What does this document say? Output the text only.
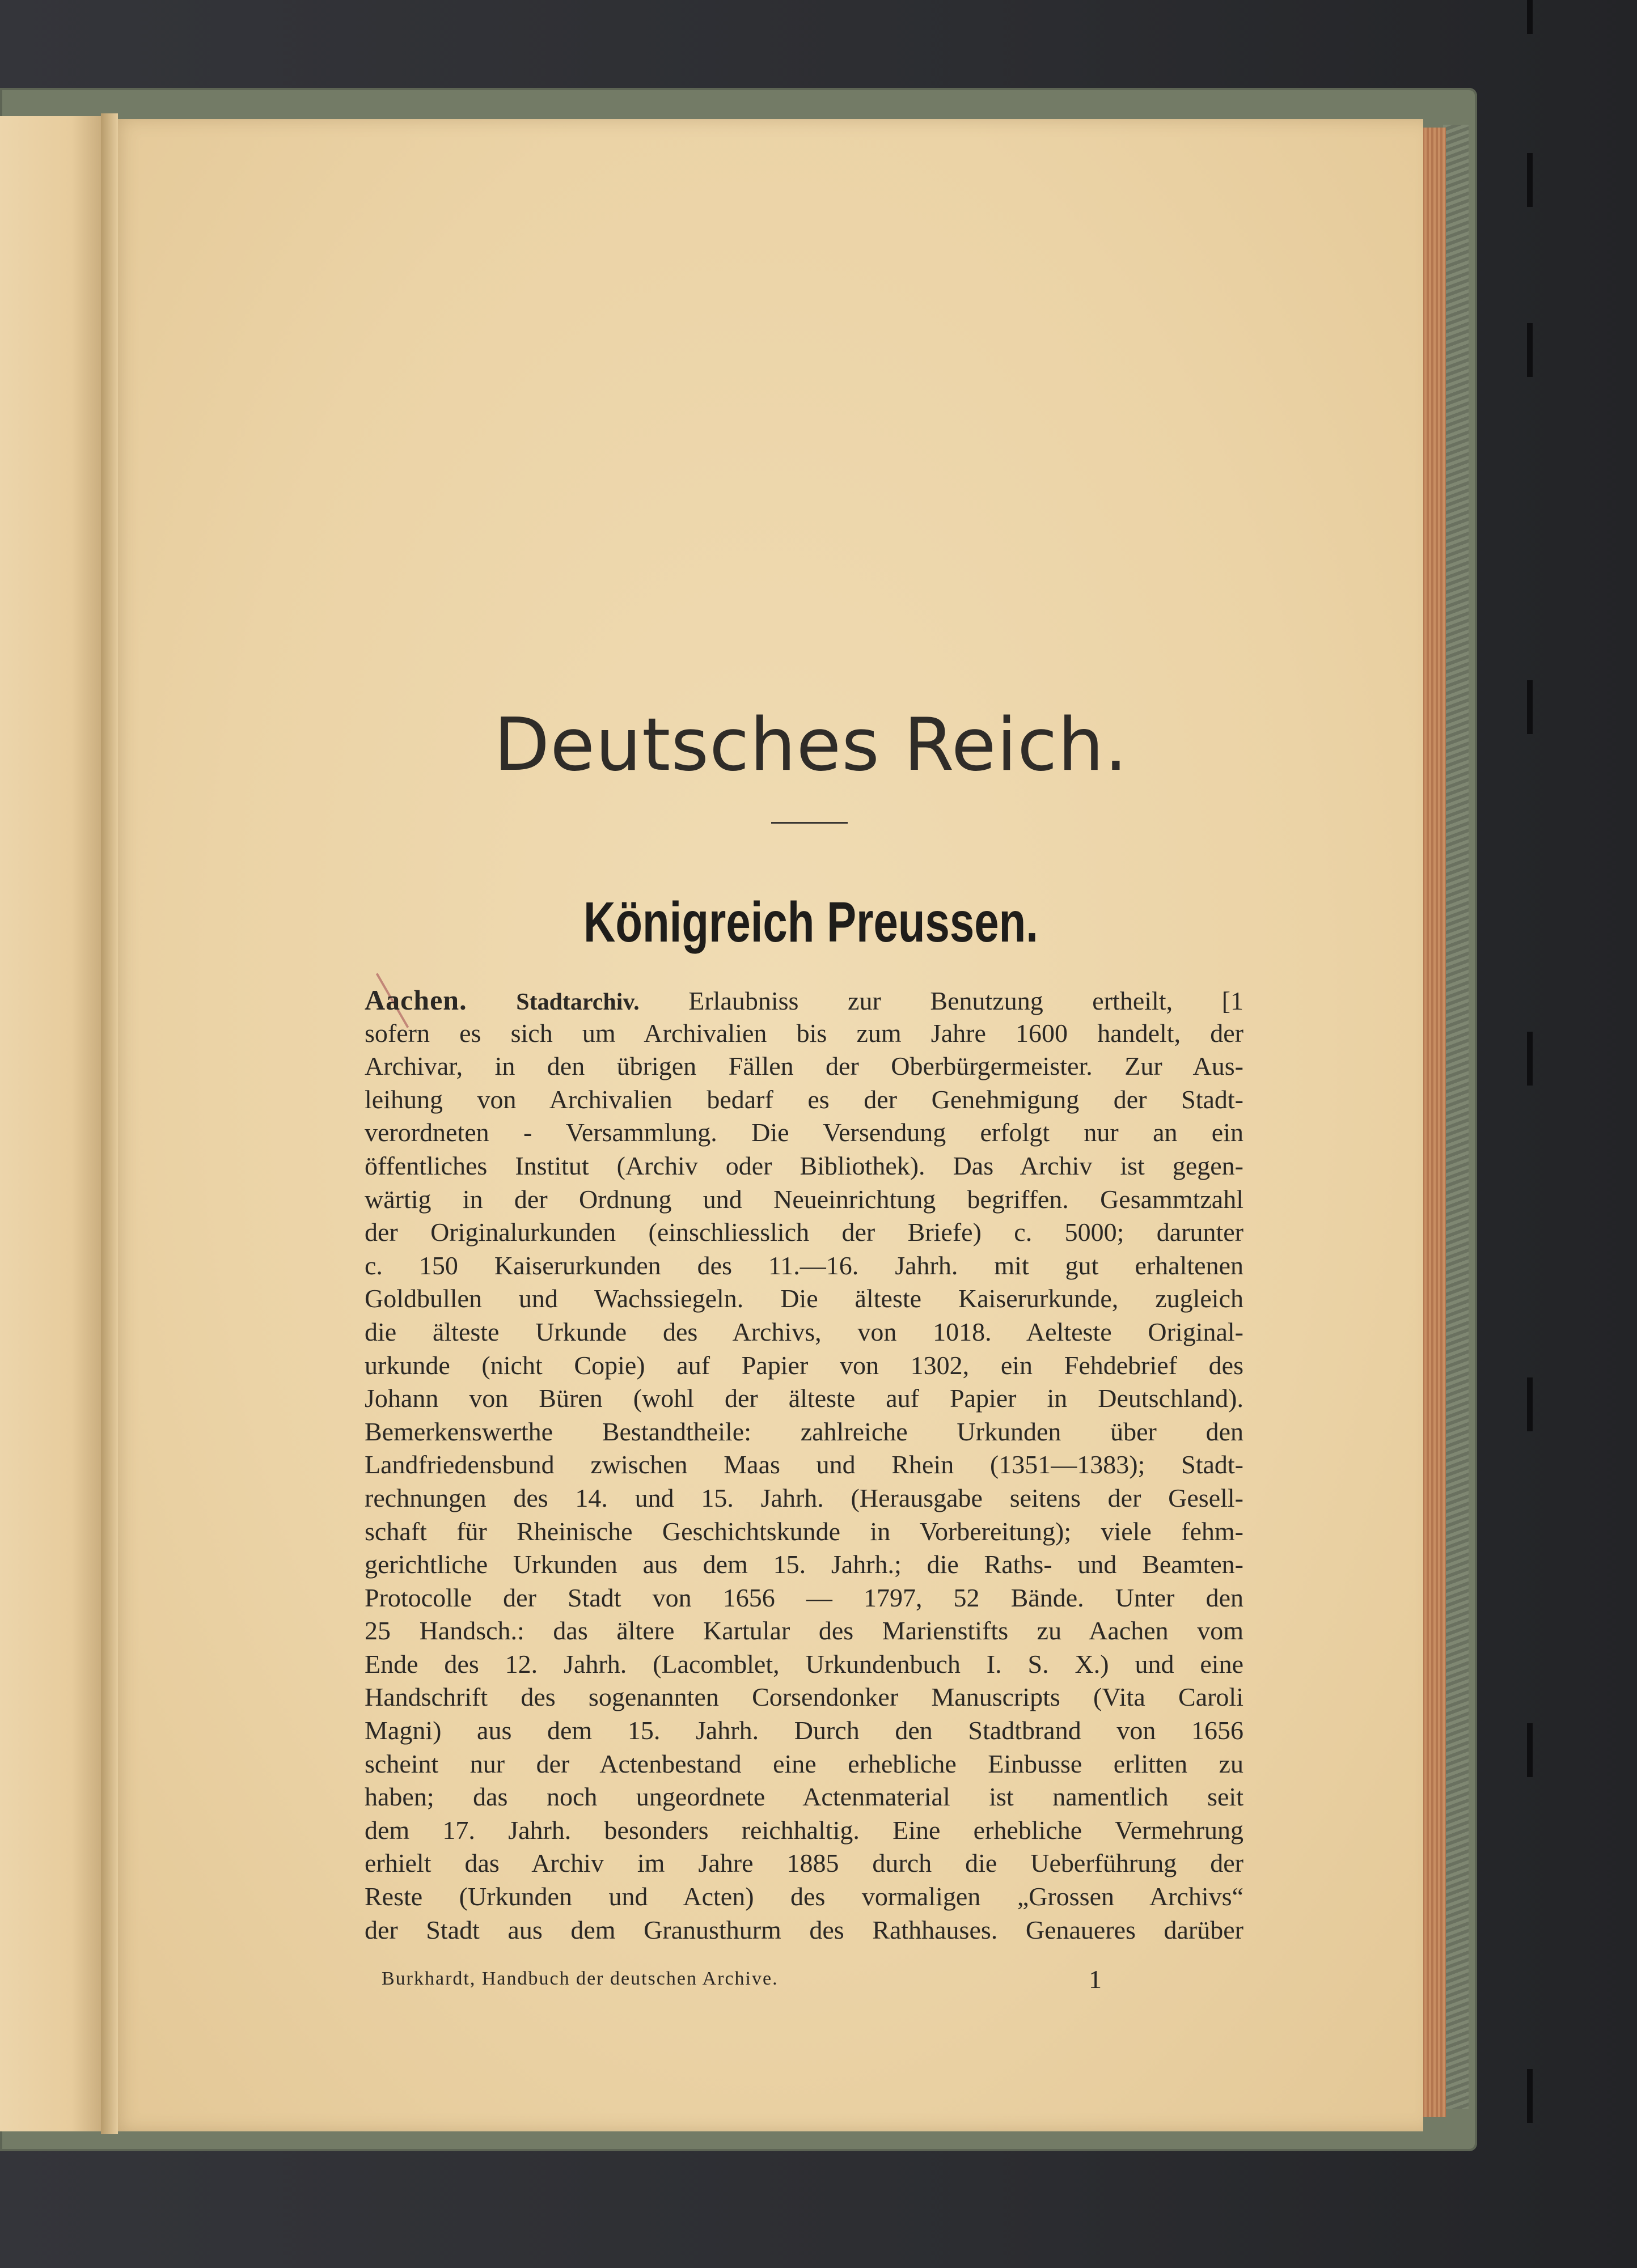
Deutsches Reich.
Königreich Preussen.
Aachen. Stadtarchiv. Erlaubniss zur Benutzung ertheilt, [1
sofern es sich um Archivalien bis zum Jahre 1600 handelt, der
Archivar, in den übrigen Fällen der Oberbürgermeister. Zur Aus-
leihung von Archivalien bedarf es der Genehmigung der Stadt-
verordneten - Versammlung. Die Versendung erfolgt nur an ein
öffentliches Institut (Archiv oder Bibliothek). Das Archiv ist gegen-
wärtig in der Ordnung und Neueinrichtung begriffen. Gesammtzahl
der Originalurkunden (einschliesslich der Briefe) c. 5000; darunter
c. 150 Kaiserurkunden des 11.—16. Jahrh. mit gut erhaltenen
Goldbullen und Wachssiegeln. Die älteste Kaiserurkunde, zugleich
die älteste Urkunde des Archivs, von 1018. Aelteste Original-
urkunde (nicht Copie) auf Papier von 1302, ein Fehdebrief des
Johann von Büren (wohl der älteste auf Papier in Deutschland).
Bemerkenswerthe Bestandtheile: zahlreiche Urkunden über den
Landfriedensbund zwischen Maas und Rhein (1351—1383); Stadt-
rechnungen des 14. und 15. Jahrh. (Herausgabe seitens der Gesell-
schaft für Rheinische Geschichtskunde in Vorbereitung); viele fehm-
gerichtliche Urkunden aus dem 15. Jahrh.; die Raths- und Beamten-
Protocolle der Stadt von 1656 — 1797, 52 Bände. Unter den
25 Handsch.: das ältere Kartular des Marienstifts zu Aachen vom
Ende des 12. Jahrh. (Lacomblet, Urkundenbuch I. S. X.) und eine
Handschrift des sogenannten Corsendonker Manuscripts (Vita Caroli
Magni) aus dem 15. Jahrh. Durch den Stadtbrand von 1656
scheint nur der Actenbestand eine erhebliche Einbusse erlitten zu
haben; das noch ungeordnete Actenmaterial ist namentlich seit
dem 17. Jahrh. besonders reichhaltig. Eine erhebliche Vermehrung
erhielt das Archiv im Jahre 1885 durch die Ueberführung der
Reste (Urkunden und Acten) des vormaligen „Grossen Archivs“
der Stadt aus dem Granusthurm des Rathhauses. Genaueres darüber
Burkhardt, Handbuch der deutschen Archive.	1
